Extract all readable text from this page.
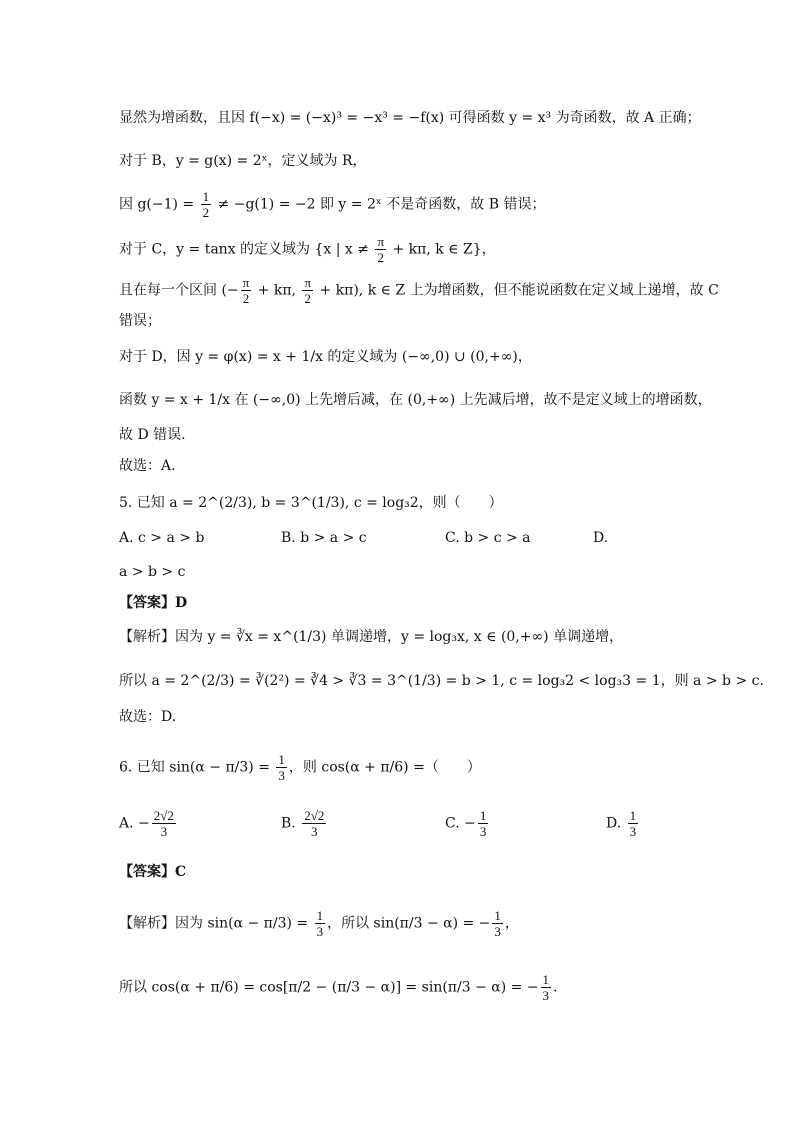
显然为增函数，且因 f(−x) = (−x)³ = −x³ = −f(x) 可得函数 y = x³ 为奇函数，故 A 正确；
对于 B，y = g(x) = 2ˣ，定义域为 R，
因 $g(-1) = \frac{1}{2} \ne -g(1) = -2$ 即 y = 2ˣ 不是奇函数，故 B 错误；
对于 C，y = tanx 的定义域为 {x | $x \ne \frac{\pi}{2} + k\pi$, k ∈ Z}，
且在每一个区间 (− $\frac{\pi}{2} + k\pi$, $\frac{\pi}{2} + k\pi$), k ∈ Z 上为增函数，但不能说函数在定义域上递增，故 C
错误；
对于 D，因 y = φ(x) = x + 1/x 的定义域为 (−∞,0) ∪ (0,+∞)，
函数 y = x + 1/x 在 (−∞,0) 上先增后减，在 (0,+∞) 上先减后增，故不是定义域上的增函数，
故 D 错误.
故选：A.
5. 已知 a = 2^(2/3), b = 3^(1/3), c = log₃2，则（　　）
A. c > a > b	B. b > a > c	C. b > c > a	D.
a > b > c
【答案】D
【解析】因为 y = ∛x = x^(1/3) 单调递增，y = log₃x, x ∈ (0,+∞) 单调递增，
所以 a = 2^(2/3) = ∛(2²) = ∛4 > ∛3 = 3^(1/3) = b > 1, c = log₃2 < log₃3 = 1，则 a > b > c.
故选：D.
6. 已知 $\sin(\alpha - \pi/3) = \frac{1}{3}$ ，则 cos(α + π/6) =（　　）
A. − $\frac{2√2}{3}$	B. $\frac{2√2}{3}$	C. − $\frac{1}{3}$	D. $\frac{1}{3}$
【答案】C
【解析】因为 $\sin(\alpha - \pi/3) = \frac{1}{3}$ ，所以 sin(π/3 − α) = − $\frac{1}{3}$ ，
所以 cos(α + π/6) = cos[π/2 − (π/3 − α)] = sin(π/3 − α) = − $\frac{1}{3}$ .
